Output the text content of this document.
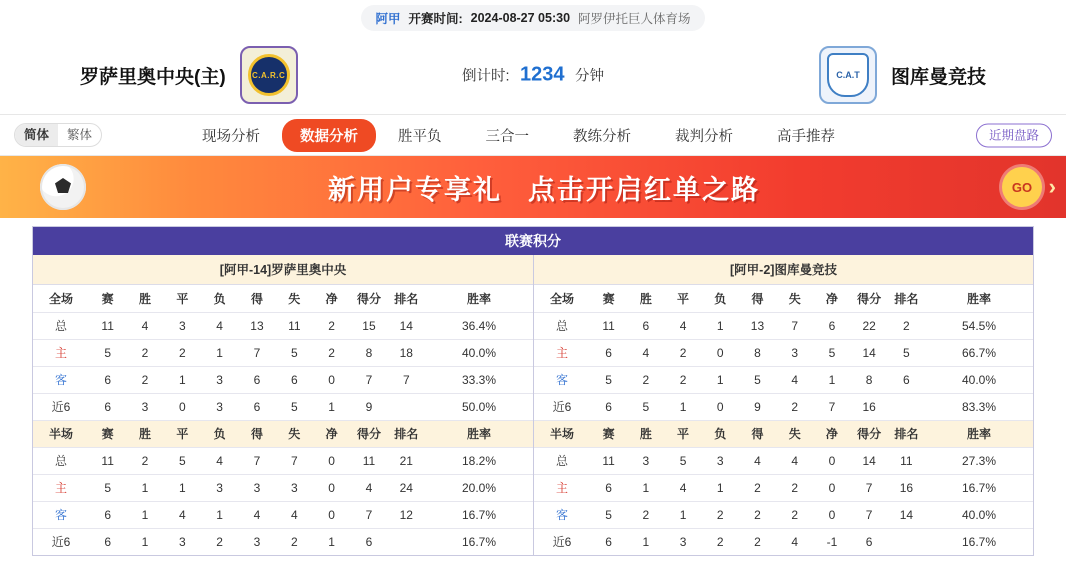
阿甲 开赛时间: 2024-08-27 05:30 阿罗伊托巨人体育场
罗萨里奥中央(主)	C.A.R.C	倒计时: 1234 分钟	C.A.T	图库曼竞技
简体	繁体	现场分析	数据分析	胜平负	三合一	教练分析	裁判分析	高手推荐	近期盘路
新用户专享礼 点击开启红单之路	GO ›
联赛积分
[阿甲-14]罗萨里奥中央
全场	赛	胜	平	负	得	失	净	得分	排名	胜率
总	11	4	3	4	13	11	2	15	14	36.4%
主	5	2	2	1	7	5	2	8	18	40.0%
客	6	2	1	3	6	6	0	7	7	33.3%
近6	6	3	0	3	6	5	1	9		50.0%
半场	赛	胜	平	负	得	失	净	得分	排名	胜率
总	11	2	5	4	7	7	0	11	21	18.2%
主	5	1	1	3	3	3	0	4	24	20.0%
客	6	1	4	1	4	4	0	7	12	16.7%
近6	6	1	3	2	3	2	1	6		16.7%
[阿甲-2]图库曼竞技
全场	赛	胜	平	负	得	失	净	得分	排名	胜率
总	11	6	4	1	13	7	6	22	2	54.5%
主	6	4	2	0	8	3	5	14	5	66.7%
客	5	2	2	1	5	4	1	8	6	40.0%
近6	6	5	1	0	9	2	7	16		83.3%
半场	赛	胜	平	负	得	失	净	得分	排名	胜率
总	11	3	5	3	4	4	0	14	11	27.3%
主	6	1	4	1	2	2	0	7	16	16.7%
客	5	2	1	2	2	2	0	7	14	40.0%
近6	6	1	3	2	2	4	-1	6		16.7%
